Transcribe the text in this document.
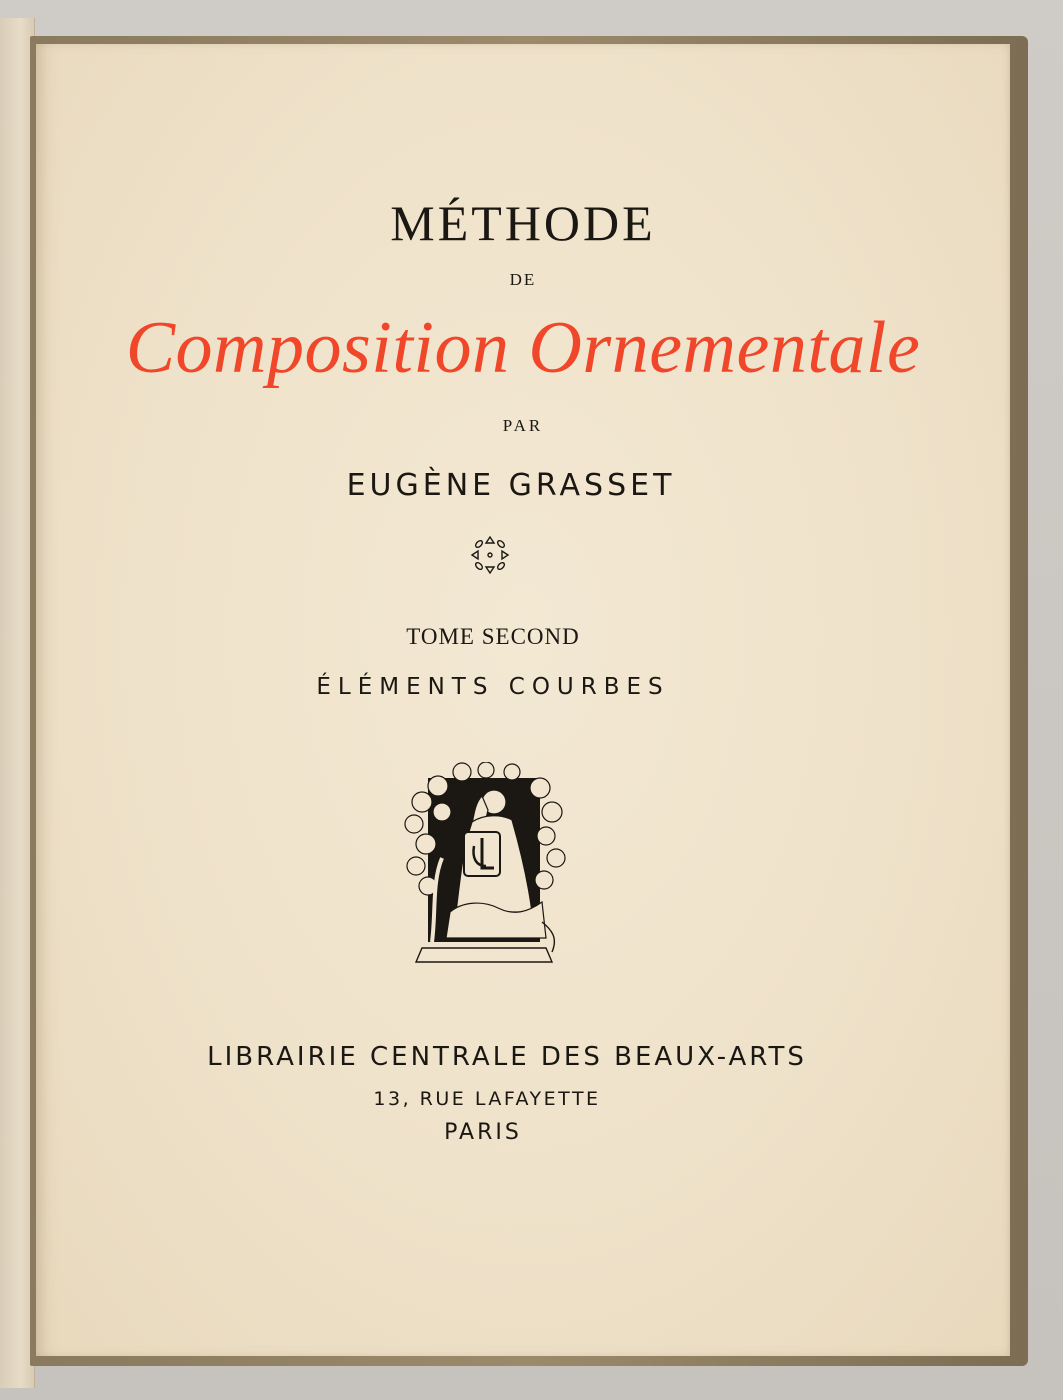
MÉTHODE
DE
Composition Ornementale
PAR
EUGÈNE GRASSET
TOME SECOND
ÉLÉMENTS COURBES
LIBRAIRIE CENTRALE DES BEAUX-ARTS
13, RUE LAFAYETTE
PARIS
